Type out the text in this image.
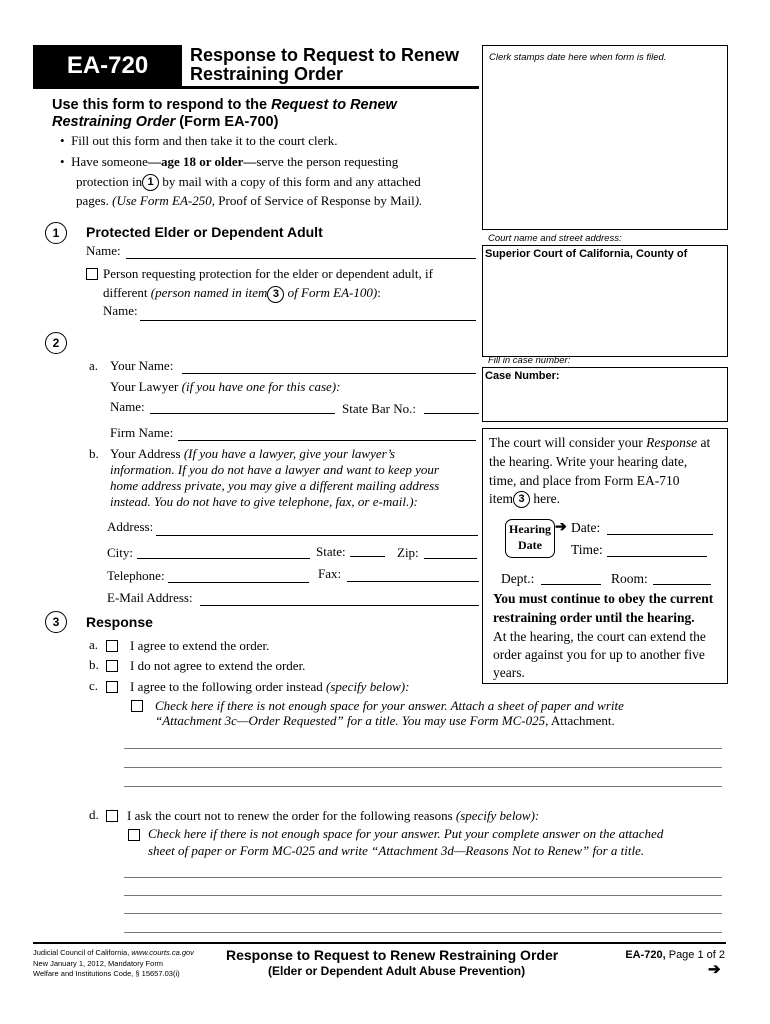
EA-720	Response to Request to Renew
Restraining Order
Clerk stamps date here when form is filed.
Court name and street address:
Superior Court of California, County of
Fill in case number:
Case Number:
The court will consider your Response at
the hearing. Write your hearing date,
time, and place from Form EA-710
item 3 here.
Hearing
Date
➔ Date:
Time:
Dept.:	Room:
You must continue to obey the current
restraining order until the hearing.
At the hearing, the court can extend the
order against you for up to another five
years.
Use this form to respond to the Request to Renew
Restraining Order (Form EA-700)
•  Fill out this form and then take it to the court clerk.
•  Have someone—age 18 or older—serve the person requesting
protection in 1 by mail with a copy of this form and any attached
pages. (Use Form EA-250, Proof of Service of Response by Mail).
1	Protected Elder or Dependent Adult
Name:
Person requesting protection for the elder or dependent adult, if
different (person named in item 3 of Form EA-100):
Name:
2
a. Your Name:
Your Lawyer (if you have one for this case):
Name:	State Bar No.:
Firm Name:
b. Your Address (If you have a lawyer, give your lawyer’s
information. If you do not have a lawyer and want to keep your
home address private, you may give a different mailing address
instead. You do not have to give telephone, fax, or e-mail.):
Address:
City:	State:	Zip:
Telephone:	Fax:
E-Mail Address:
3	Response
a. I agree to extend the order.
b. I do not agree to extend the order.
c. I agree to the following order instead (specify below):
Check here if there is not enough space for your answer. Attach a sheet of paper and write
“Attachment 3c—Order Requested” for a title. You may use Form MC-025, Attachment.
d. I ask the court not to renew the order for the following reasons (specify below):
Check here if there is not enough space for your answer. Put your complete answer on the attached
sheet of paper or Form MC-025 and write “Attachment 3d—Reasons Not to Renew” for a title.
Judicial Council of California, www.courts.ca.gov
New January 1, 2012, Mandatory Form
Welfare and Institutions Code, § 15657.03(i)
Response to Request to Renew Restraining Order
(Elder or Dependent Adult Abuse Prevention)
EA-720, Page 1 of 2
➔
